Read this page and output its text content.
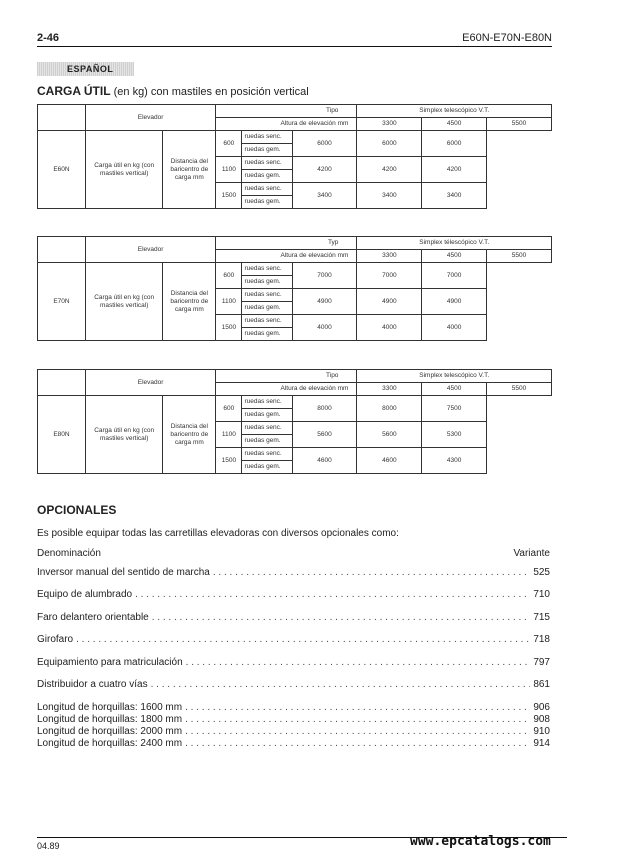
2-46	E60N-E70N-E80N
ESPAÑOL
CARGA ÚTIL (en kg) con mastiles en posición vertical
	Elevador		Tipo			Simplex telescópico V.T.		
			Altura de elevación mm			3300	4500	5500
E60N	Carga útil en kg (con mastiles vertical)	Distancia del baricentro de carga mm	600	ruedas senc.	6000	6000	6000	
				ruedas gem.				
			1100	ruedas senc.	4200	4200	4200	
				ruedas gem.				
			1500	ruedas senc.	3400	3400	3400	
				ruedas gem.				
	Elevador		Typ			Simplex télescópico V.T.		
			Altura de elevación mm			3300	4500	5500
E70N	Carga útil en kg (con mastiles vertical)	Distancia del baricentro de carga mm	600	ruedas senc.	7000	7000	7000	
				ruedas gem.				
			1100	ruedas senc.	4900	4900	4900	
				ruedas gem.				
			1500	ruedas senc.	4000	4000	4000	
				ruedas gem.				
	Elevador		Tipo			Simplex telescópico V.T.		
			Altura de elevación mm			3300	4500	5500
E80N	Carga útil en kg (con mastiles vertical)	Distancia del baricentro de carga mm	600	ruedas senc.	8000	8000	7500	
				ruedas gem.				
			1100	ruedas senc.	5600	5600	5300	
				ruedas gem.				
			1500	ruedas senc.	4600	4600	4300	
				ruedas gem.				
OPCIONALES
Es posible equipar todas las carretillas elevadoras con diversos opcionales como:
Denominación	Variante
Inversor manual del sentido de marcha . . .	525
Equipo de alumbrado . . .	710
Faro delantero orientable . . .	715
Girofaro . . .	718
Equipamiento para matriculación . . .	797
Distribuidor a cuatro vías . . .	861
Longitud de horquillas: 1600 mm . . .	906
Longitud de horquillas: 1800 mm . . .	908
Longitud de horquillas: 2000 mm . . .	910
Longitud de horquillas: 2400 mm . . .	914
04.89	www.epcatalogs.com
